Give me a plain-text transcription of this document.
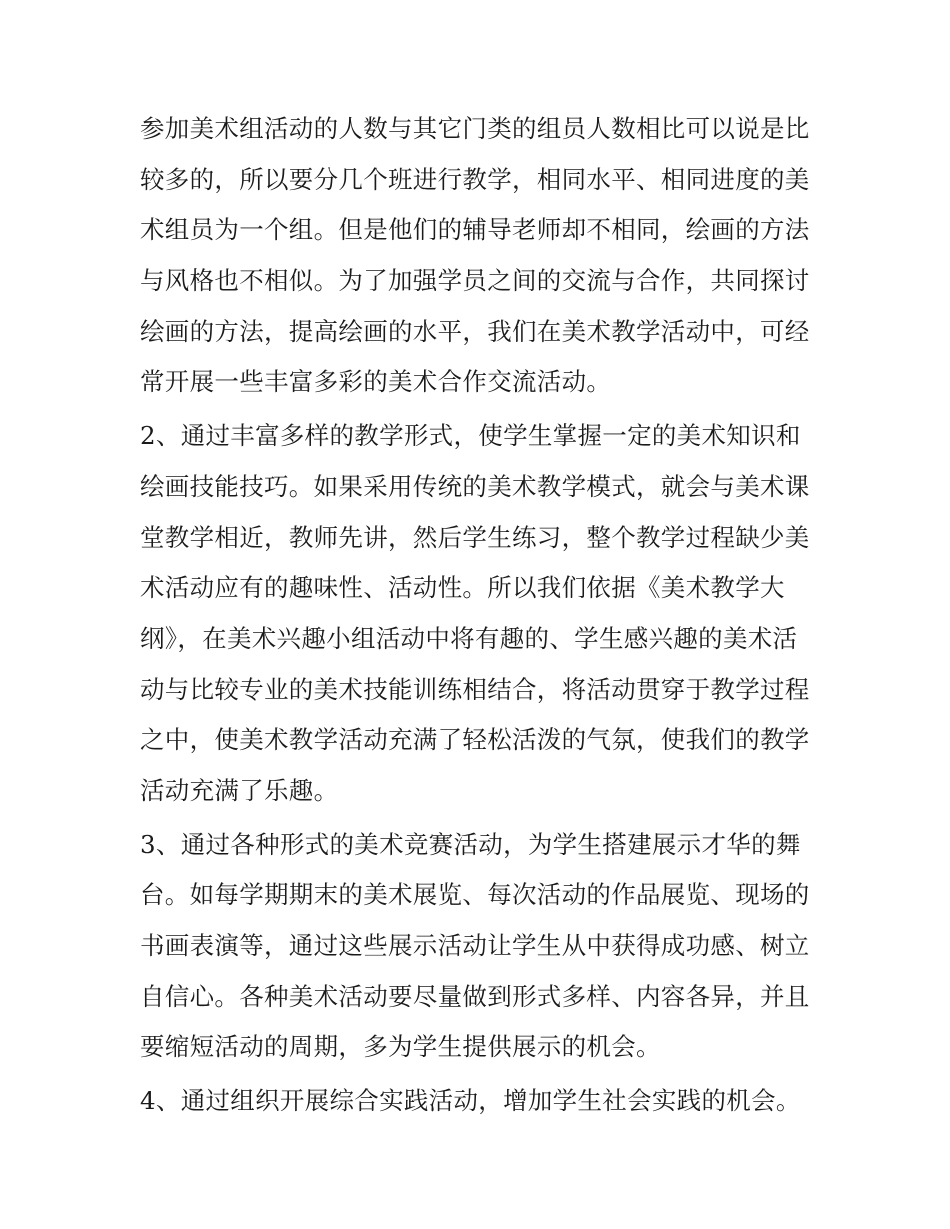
参加美术组活动的人数与其它门类的组员人数相比可以说是比
较多的，所以要分几个班进行教学，相同水平、相同进度的美
术组员为一个组。但是他们的辅导老师却不相同，绘画的方法
与风格也不相似。为了加强学员之间的交流与合作，共同探讨
绘画的方法，提高绘画的水平，我们在美术教学活动中，可经
常开展一些丰富多彩的美术合作交流活动。
2、通过丰富多样的教学形式，使学生掌握一定的美术知识和
绘画技能技巧。如果采用传统的美术教学模式，就会与美术课
堂教学相近，教师先讲，然后学生练习，整个教学过程缺少美
术活动应有的趣味性、活动性。所以我们依据《美术教学大
纲》，在美术兴趣小组活动中将有趣的、学生感兴趣的美术活
动与比较专业的美术技能训练相结合，将活动贯穿于教学过程
之中，使美术教学活动充满了轻松活泼的气氛，使我们的教学
活动充满了乐趣。
3、通过各种形式的美术竞赛活动，为学生搭建展示才华的舞
台。如每学期期末的美术展览、每次活动的作品展览、现场的
书画表演等，通过这些展示活动让学生从中获得成功感、树立
自信心。各种美术活动要尽量做到形式多样、内容各异，并且
要缩短活动的周期，多为学生提供展示的机会。
4、通过组织开展综合实践活动，增加学生社会实践的机会。
